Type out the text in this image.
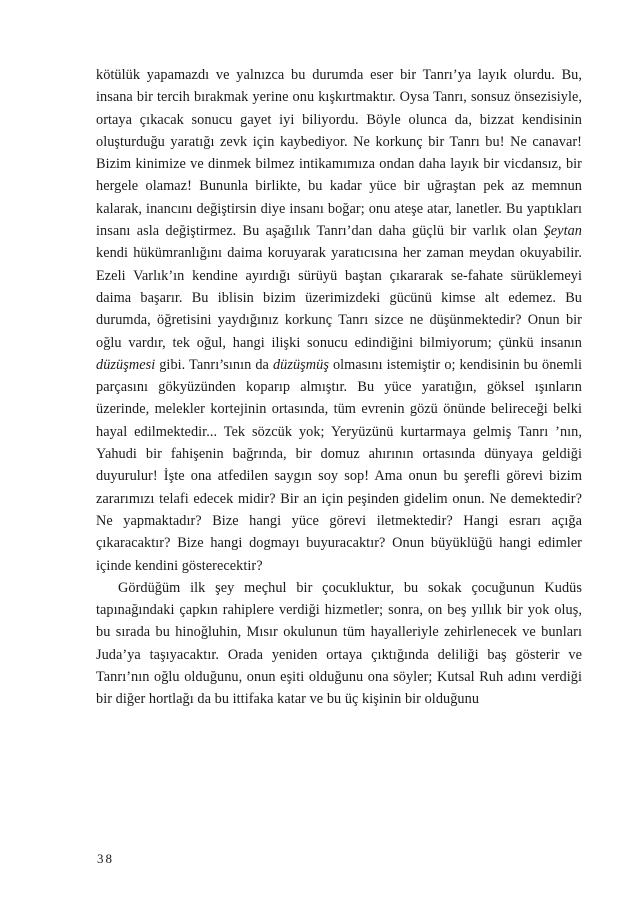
kötülük yapamazdı ve yalnızca bu durumda eser bir Tanrı’ya layık olurdu. Bu, insana bir tercih bırakmak yerine onu kışkırtmaktır. Oysa Tanrı, sonsuz önsezisiyle, ortaya çıkacak sonucu gayet iyi biliyordu. Böyle olunca da, bizzat kendisinin oluşturduğu yaratığı zevk için kaybediyor. Ne korkunç bir Tanrı bu! Ne canavar! Bizim kinimize ve dinmek bilmez intikamımıza ondan daha layık bir vicdansız, bir hergele olamaz! Bununla birlikte, bu kadar yüce bir uğraştan pek az memnun kalarak, inancını değiştirsin diye insanı boğar; onu ateşe atar, lanetler. Bu yaptıkları insanı asla değiştirmez. Bu aşağılık Tanrı’dan daha güçlü bir varlık olan Şeytan kendi hükümranlığını daima koruyarak yaratıcısına her zaman meydan okuyabilir. Ezeli Varlık’ın kendine ayırdığı sürüyü baştan çıkararak se-fahate sürüklemeyi daima başarır. Bu iblisin bizim üzerimizdeki gücünü kimse alt edemez. Bu durumda, öğretisini yaydığınız korkunç Tanrı sizce ne düşünmektedir? Onun bir oğlu vardır, tek oğul, hangi ilişki sonucu edindiğini bilmiyorum; çünkü insanın düzüşmesi gibi. Tanrı’sının da düzüşmüş olmasını istemiştir o; kendisinin bu önemli parçasını gökyüzünden koparıp almıştır. Bu yüce yaratığın, göksel ışınların üzerinde, melekler kortejinin ortasında, tüm evrenin gözü önünde belireceği belki hayal edilmektedir... Tek sözcük yok; Yeryüzünü kurtarmaya gelmiş Tanrı ’nın, Yahudi bir fahişenin bağrında, bir domuz ahırının ortasında dünyaya geldiği duyurulur! İşte ona atfedilen saygın soy sop! Ama onun bu şerefli görevi bizim zararımızı telafi edecek midir? Bir an için peşinden gidelim onun. Ne demektedir? Ne yapmaktadır? Bize hangi yüce görevi iletmektedir? Hangi esrarı açığa çıkaracaktır? Bize hangi dogmayı buyuracaktır? Onun büyüklüğü hangi edimler içinde kendini gösterecektir?

Gördüğüm ilk şey meçhul bir çocukluktur, bu sokak çocuğunun Kudüs tapınağındaki çapkın rahiplere verdiği hizmetler; sonra, on beş yıllık bir yok oluş, bu sırada bu hinoğluhin, Mısır okulunun tüm hayalleriyle zehirlenecek ve bunları Juda’ya taşıyacaktır. Orada yeniden ortaya çıktığında deliliği baş gösterir ve Tanrı’nın oğlu olduğunu, onun eşiti olduğunu ona söyler; Kutsal Ruh adını verdiği bir diğer hortlağı da bu ittifaka katar ve bu üç kişinin bir olduğunu

38
